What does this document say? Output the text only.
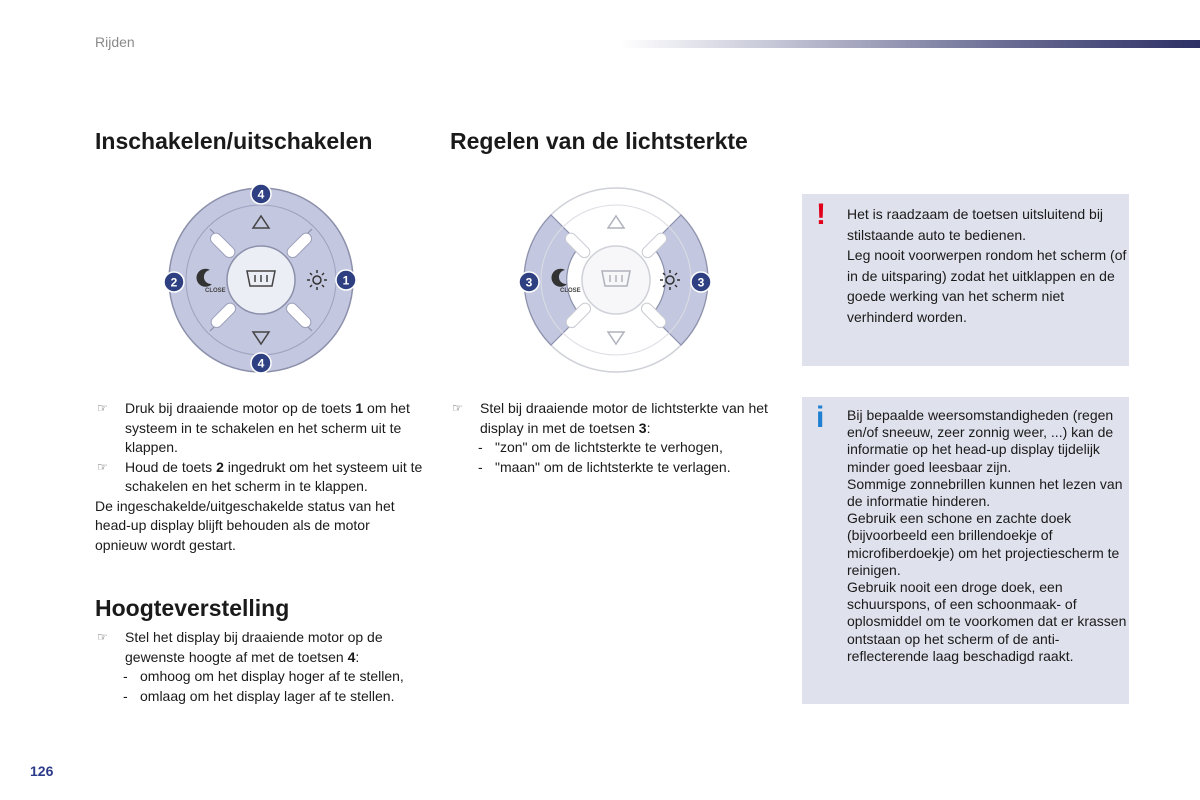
Rijden
Inschakelen/uitschakelen	Regelen van de lichtsterkte
CLOSE
4
4
2	1
CLOSE
3	3
☞	Druk bij draaiende motor op de toets 1 om het systeem in te schakelen en het scherm uit te klappen.
☞	Houd de toets 2 ingedrukt om het systeem uit te schakelen en het scherm in te klappen.
De ingeschakelde/uitgeschakelde status van het head-up display blijft behouden als de motor opnieuw wordt gestart.
Hoogteverstelling
☞	Stel het display bij draaiende motor op de gewenste hoogte af met de toetsen 4:
- omhoog om het display hoger af te stellen,
- omlaag om het display lager af te stellen.
☞	Stel bij draaiende motor de lichtsterkte van het display in met de toetsen 3:
- "zon" om de lichtsterkte te verhogen,
- "maan" om de lichtsterkte te verlagen.
! Het is raadzaam de toetsen uitsluitend bij stilstaande auto te bedienen.
Leg nooit voorwerpen rondom het scherm (of in de uitsparing) zodat het uitklappen en de goede werking van het scherm niet verhinderd worden.
i Bij bepaalde weersomstandigheden (regen en/of sneeuw, zeer zonnig weer, ...) kan de informatie op het head-up display tijdelijk minder goed leesbaar zijn.
Sommige zonnebrillen kunnen het lezen van de informatie hinderen.
Gebruik een schone en zachte doek (bijvoorbeeld een brillendoekje of microfiberdoekje) om het projectiescherm te reinigen.
Gebruik nooit een droge doek, een schuurspons, of een schoonmaak- of oplosmiddel om te voorkomen dat er krassen ontstaan op het scherm of de anti-reflecterende laag beschadigd raakt.
126
